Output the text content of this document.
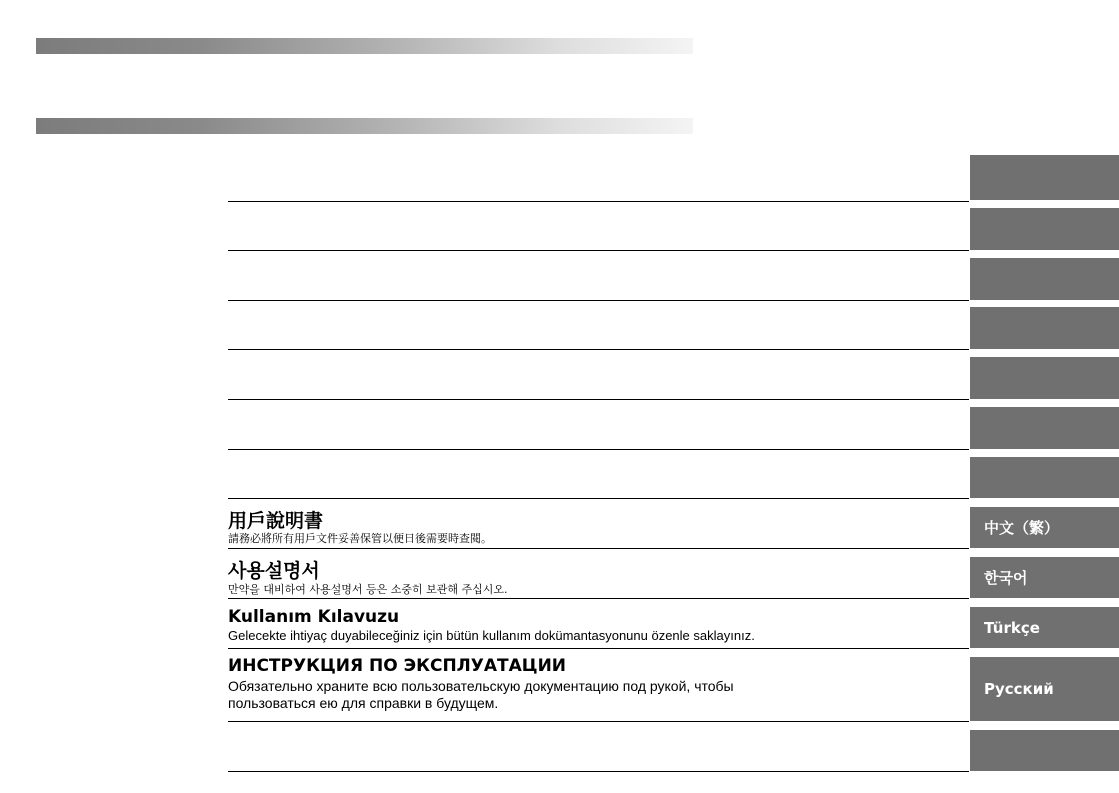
用戶說明書
請務必將所有用戶文件妥善保管以便日後需要時查閱。
中文（繁）
사용설명서
만약을 대비하여 사용설명서 등은 소중히 보관해 주십시오.
한국어
Kullanım Kılavuzu
Gelecekte ihtiyaç duyabileceğiniz için bütün kullanım dokümantasyonunu özenle saklayınız.	Türkçe
ИНСТРУКЦИЯ ПО ЭКСПЛУАТАЦИИ
Обязательно храните всю пользовательскую документацию под рукой, чтобы
пользоваться ею для справки в будущем.
Русский
